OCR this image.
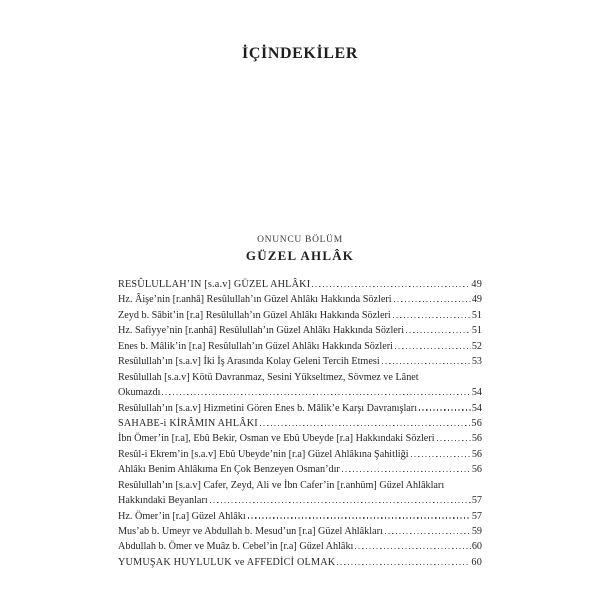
İÇİNDEKİLER
ONUNCU BÖLÜM
GÜZEL AHLÂK
RESÛLULLAH’IN [s.a.v] GÜZEL AHLÂKI	49
Hz. Âişe’nin [r.anhâ] Resûlullah’ın Güzel Ahlâkı Hakkında Sözleri	49
Zeyd b. Sâbit’in [r.a] Resûlullah’ın Güzel Ahlâkı Hakkında Sözleri	51
Hz. Safiyye’nin [r.anhâ] Resûlullah’ın Güzel Ahlâkı Hakkında Sözleri	51
Enes b. Mâlik’in [r.a] Resûlullah’ın Güzel Ahlâkı Hakkında Sözleri	52
Resûlullah’ın [s.a.v] İki İş Arasında Kolay Geleni Tercih Etmesi	53
Resûlullah [s.a.v] Kötü Davranmaz, Sesini Yükseltmez, Sövmez ve Lânet
Okumazdı	54
Resûlullah’ın [s.a.v] Hizmetini Gören Enes b. Mâlik’e Karşı Davranışları	54
SAHABE-i KİRÂMIN AHLÂKI	56
İbn Ömer’in [r.a], Ebû Bekir, Osman ve Ebû Ubeyde [r.a] Hakkındaki Sözleri	56
Resûl-i Ekrem’in [s.a.v] Ebû Ubeyde’nin [r.a] Güzel Ahlâkına Şahitliği	56
Ahlâkı Benim Ahlâkıma En Çok Benzeyen Osman’dır	56
Resûlullah’ın [s.a.v] Cafer, Zeyd, Ali ve İbn Cafer’in [r.anhüm] Güzel Ahlâkları
Hakkındaki Beyanları	57
Hz. Ömer’in [r.a] Güzel Ahlâkı	57
Mus’ab b. Umeyr ve Abdullah b. Mesud’un [r.a] Güzel Ahlâkları	59
Abdullah b. Ömer ve Muâz b. Cebel’in [r.a] Güzel Ahlâkı	60
YUMUŞAK HUYLULUK ve AFFEDİCİ OLMAK	60
